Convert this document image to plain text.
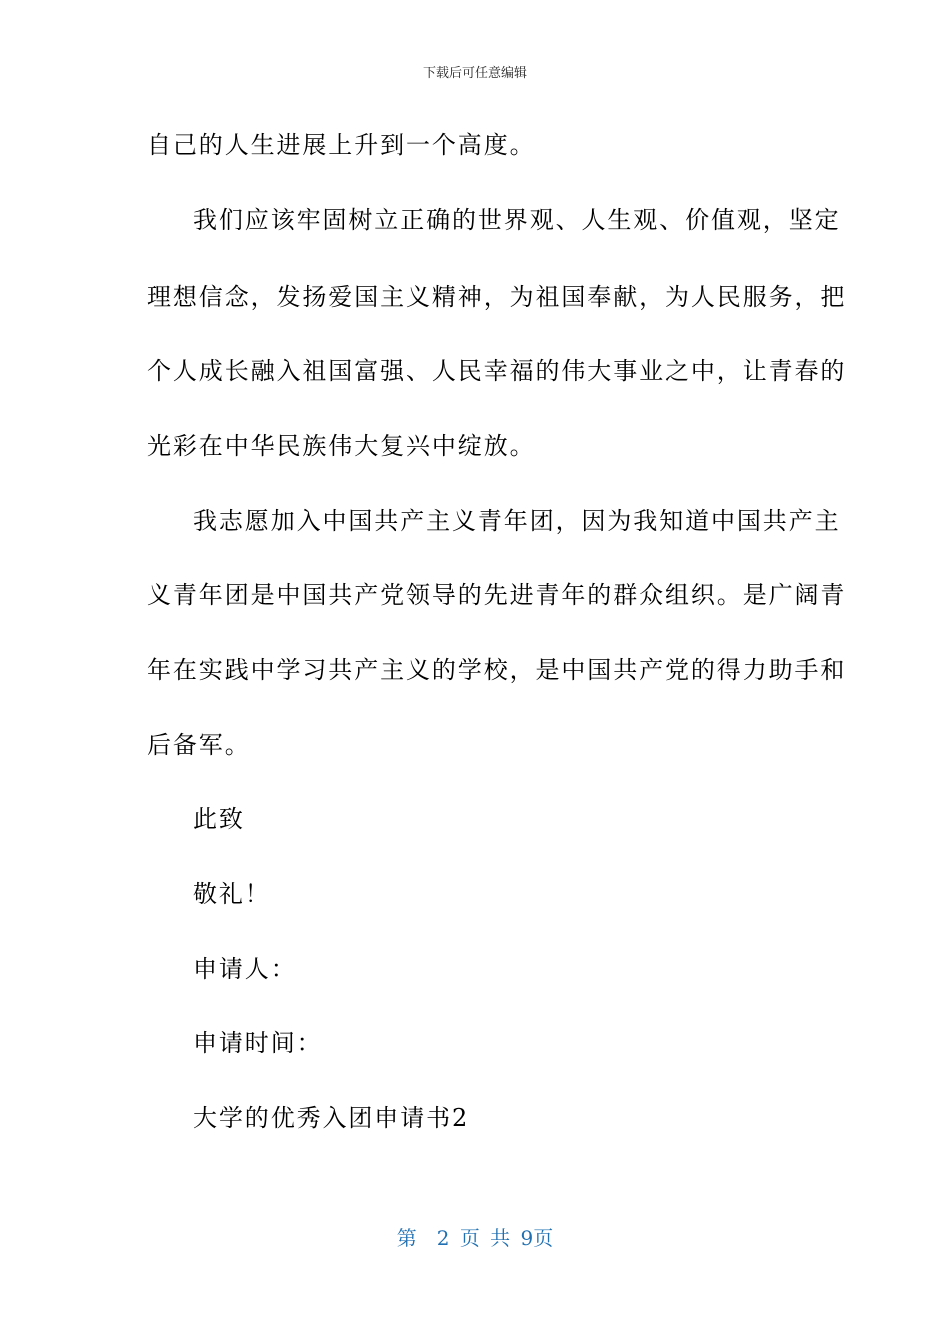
下载后可任意编辑
自己的人生进展上升到一个高度。
我们应该牢固树立正确的世界观、人生观、价值观，坚定
理想信念，发扬爱国主义精神，为祖国奉献，为人民服务，把
个人成长融入祖国富强、人民幸福的伟大事业之中，让青春的
光彩在中华民族伟大复兴中绽放。
我志愿加入中国共产主义青年团，因为我知道中国共产主
义青年团是中国共产党领导的先进青年的群众组织。是广阔青
年在实践中学习共产主义的学校，是中国共产党的得力助手和
后备军。
此致
敬礼！
申请人：
申请时间：
大学的优秀入团申请书2
第　2 页 共 9页
